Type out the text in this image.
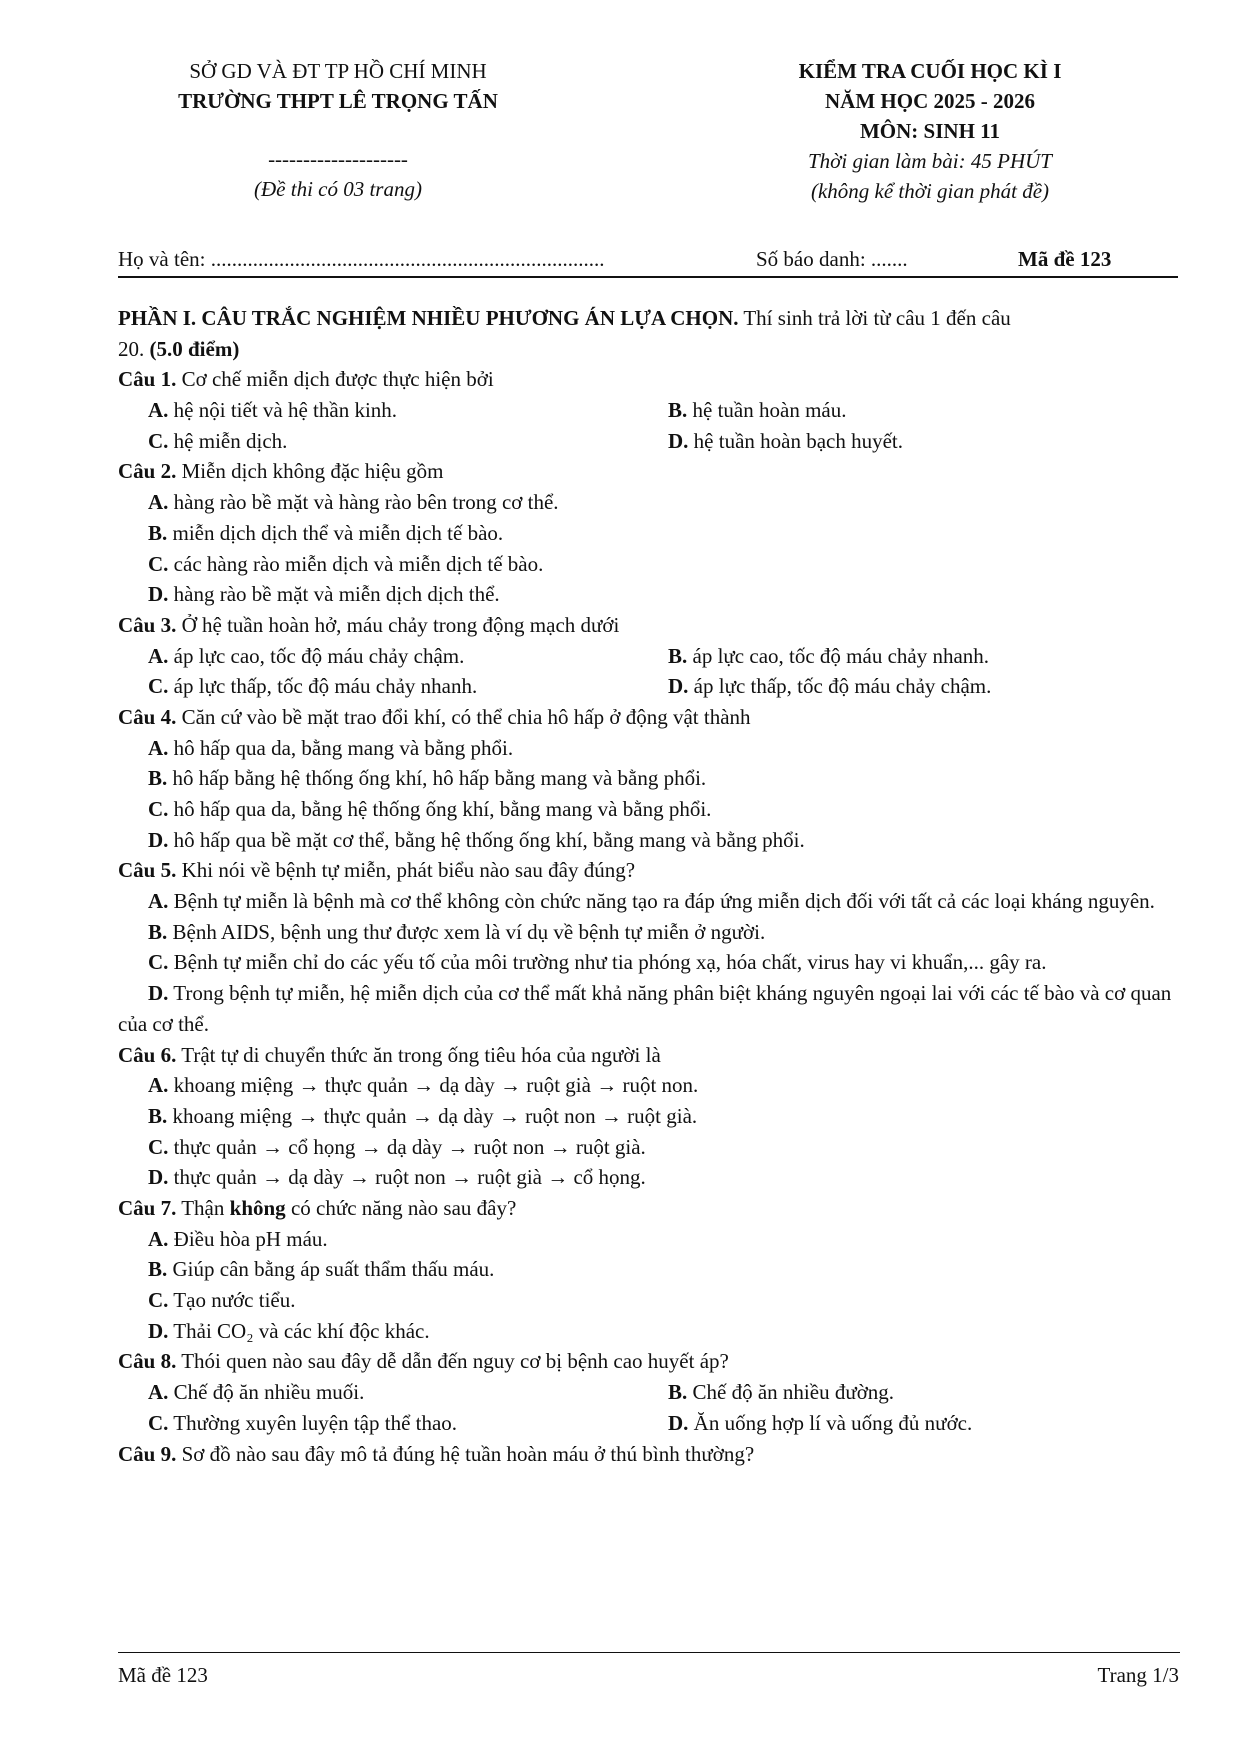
SỞ GD VÀ ĐT TP HỒ CHÍ MINH
TRƯỜNG THPT LÊ TRỌNG TẤN
--------------------
(Đề thi có 03 trang)
KIỂM TRA CUỐI HỌC KÌ I
NĂM HỌC 2025 - 2026
MÔN: SINH 11
Thời gian làm bài: 45 PHÚT
(không kể thời gian phát đề)
Họ và tên: ...........................................................................	Số báo danh: .......	Mã đề 123
PHẦN I. CÂU TRẮC NGHIỆM NHIỀU PHƯƠNG ÁN LỰA CHỌN. Thí sinh trả lời từ câu 1 đến câu
20. (5.0 điểm)
Câu 1. Cơ chế miễn dịch được thực hiện bởi
A. hệ nội tiết và hệ thần kinh.	B. hệ tuần hoàn máu.
C. hệ miễn dịch.	D. hệ tuần hoàn bạch huyết.
Câu 2. Miễn dịch không đặc hiệu gồm
A. hàng rào bề mặt và hàng rào bên trong cơ thể.
B. miễn dịch dịch thể và miễn dịch tế bào.
C. các hàng rào miễn dịch và miễn dịch tế bào.
D. hàng rào bề mặt và miễn dịch dịch thể.
Câu 3. Ở hệ tuần hoàn hở, máu chảy trong động mạch dưới
A. áp lực cao, tốc độ máu chảy chậm.	B. áp lực cao, tốc độ máu chảy nhanh.
C. áp lực thấp, tốc độ máu chảy nhanh.	D. áp lực thấp, tốc độ máu chảy chậm.
Câu 4. Căn cứ vào bề mặt trao đổi khí, có thể chia hô hấp ở động vật thành
A. hô hấp qua da, bằng mang và bằng phổi.
B. hô hấp bằng hệ thống ống khí, hô hấp bằng mang và bằng phổi.
C. hô hấp qua da, bằng hệ thống ống khí, bằng mang và bằng phổi.
D. hô hấp qua bề mặt cơ thể, bằng hệ thống ống khí, bằng mang và bằng phổi.
Câu 5. Khi nói về bệnh tự miễn, phát biểu nào sau đây đúng?
A. Bệnh tự miễn là bệnh mà cơ thể không còn chức năng tạo ra đáp ứng miễn dịch đối với tất cả các loại kháng nguyên.
B. Bệnh AIDS, bệnh ung thư được xem là ví dụ về bệnh tự miễn ở người.
C. Bệnh tự miễn chỉ do các yếu tố của môi trường như tia phóng xạ, hóa chất, virus hay vi khuẩn,... gây ra.
D. Trong bệnh tự miễn, hệ miễn dịch của cơ thể mất khả năng phân biệt kháng nguyên ngoại lai với các tế bào và cơ quan của cơ thể.
Câu 6. Trật tự di chuyển thức ăn trong ống tiêu hóa của người là
A. khoang miệng → thực quản → dạ dày → ruột già → ruột non.
B. khoang miệng → thực quản → dạ dày → ruột non → ruột già.
C. thực quản → cổ họng → dạ dày → ruột non → ruột già.
D. thực quản → dạ dày → ruột non → ruột già → cổ họng.
Câu 7. Thận không có chức năng nào sau đây?
A. Điều hòa pH máu.
B. Giúp cân bằng áp suất thẩm thấu máu.
C. Tạo nước tiểu.
D. Thải CO₂ và các khí độc khác.
Câu 8. Thói quen nào sau đây dễ dẫn đến nguy cơ bị bệnh cao huyết áp?
A. Chế độ ăn nhiều muối.	B. Chế độ ăn nhiều đường.
C. Thường xuyên luyện tập thể thao.	D. Ăn uống hợp lí và uống đủ nước.
Câu 9. Sơ đồ nào sau đây mô tả đúng hệ tuần hoàn máu ở thú bình thường?
Mã đề 123	Trang 1/3
